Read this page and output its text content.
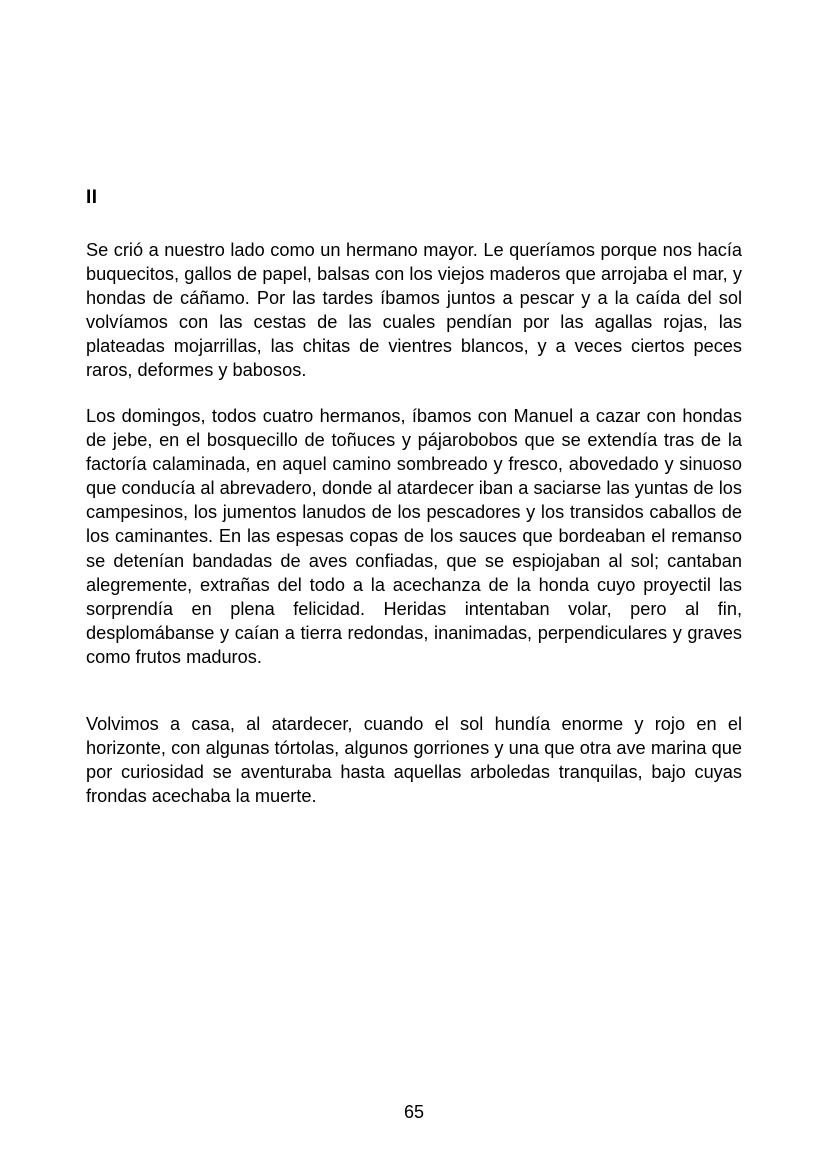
II

Se crió a nuestro lado como un hermano mayor. Le queríamos porque nos hacía buquecitos, gallos de papel, balsas con los viejos maderos que arrojaba el mar, y hondas de cáñamo. Por las tardes íbamos juntos a pescar y a la caída del sol volvíamos con las cestas de las cuales pendían por las agallas rojas, las plateadas mojarrillas, las chitas de vientres blancos, y a veces ciertos peces raros, deformes y babosos.

Los domingos, todos cuatro hermanos, íbamos con Manuel a cazar con hondas de jebe, en el bosquecillo de toñuces y pájarobobos que se extendía tras de la factoría calaminada, en aquel camino sombreado y fresco, abovedado y sinuoso que conducía al abrevadero, donde al atardecer iban a saciarse las yuntas de los campesinos, los jumentos lanudos de los pescadores y los transidos caballos de los caminantes. En las espesas copas de los sauces que bordeaban el remanso se detenían bandadas de aves confiadas, que se espiojaban al sol; cantaban alegremente, extrañas del todo a la acechanza de la honda cuyo proyectil las sorprendía en plena felicidad. Heridas intentaban volar, pero al fin, desplomábanse y caían a tierra redondas, inanimadas, perpendiculares y graves como frutos maduros.

Volvimos a casa, al atardecer, cuando el sol hundía enorme y rojo en el horizonte, con algunas tórtolas, algunos gorriones y una que otra ave marina que por curiosidad se aventuraba hasta aquellas arboledas tranquilas, bajo cuyas frondas acechaba la muerte.

65
